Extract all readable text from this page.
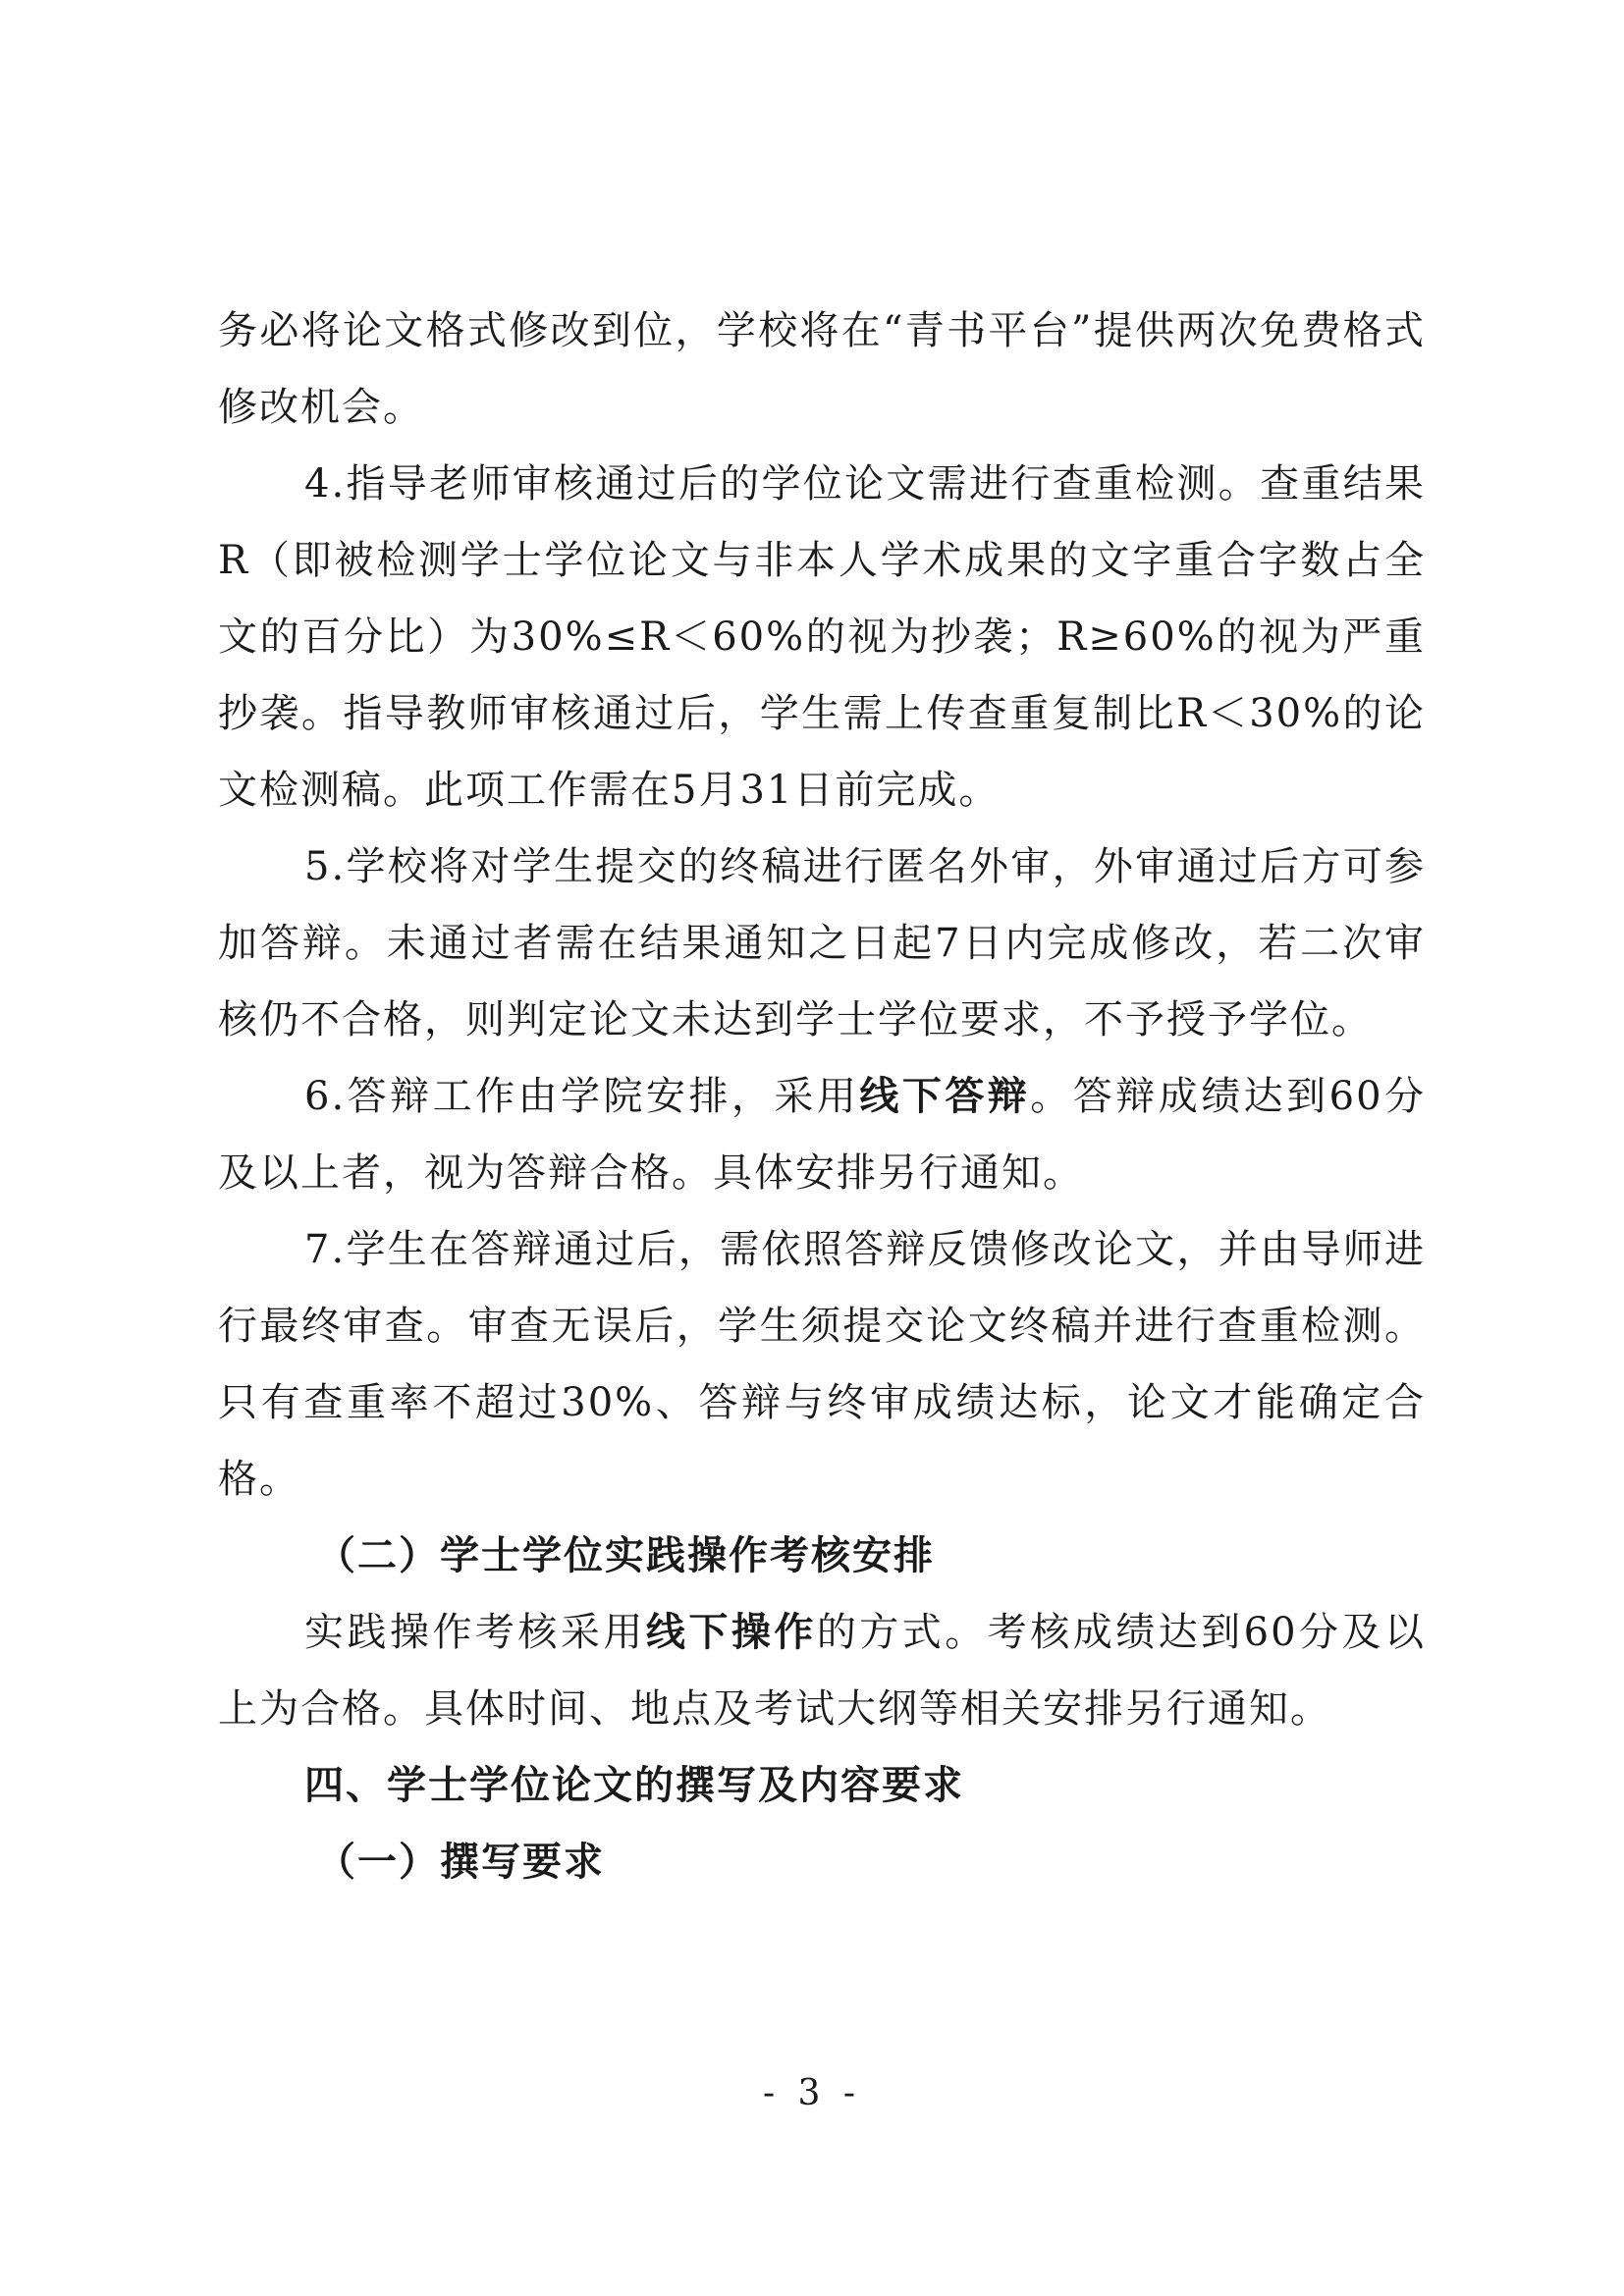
务必将论文格式修改到位，学校将在“青书平台”提供两次免费格式修改机会。

4.指导老师审核通过后的学位论文需进行查重检测。查重结果R（即被检测学士学位论文与非本人学术成果的文字重合字数占全文的百分比）为30%≤R＜60%的视为抄袭；R≥60%的视为严重抄袭。指导教师审核通过后，学生需上传查重复制比R＜30%的论文检测稿。此项工作需在5月31日前完成。

5.学校将对学生提交的终稿进行匿名外审，外审通过后方可参加答辩。未通过者需在结果通知之日起7日内完成修改，若二次审核仍不合格，则判定论文未达到学士学位要求，不予授予学位。

6.答辩工作由学院安排，采用线下答辩。答辩成绩达到60分及以上者，视为答辩合格。具体安排另行通知。

7.学生在答辩通过后，需依照答辩反馈修改论文，并由导师进行最终审查。审查无误后，学生须提交论文终稿并进行查重检测。只有查重率不超过30%、答辩与终审成绩达标，论文才能确定合格。

（二）学士学位实践操作考核安排

实践操作考核采用线下操作的方式。考核成绩达到60分及以上为合格。具体时间、地点及考试大纲等相关安排另行通知。

四、学士学位论文的撰写及内容要求

（一）撰写要求

- 3 -
